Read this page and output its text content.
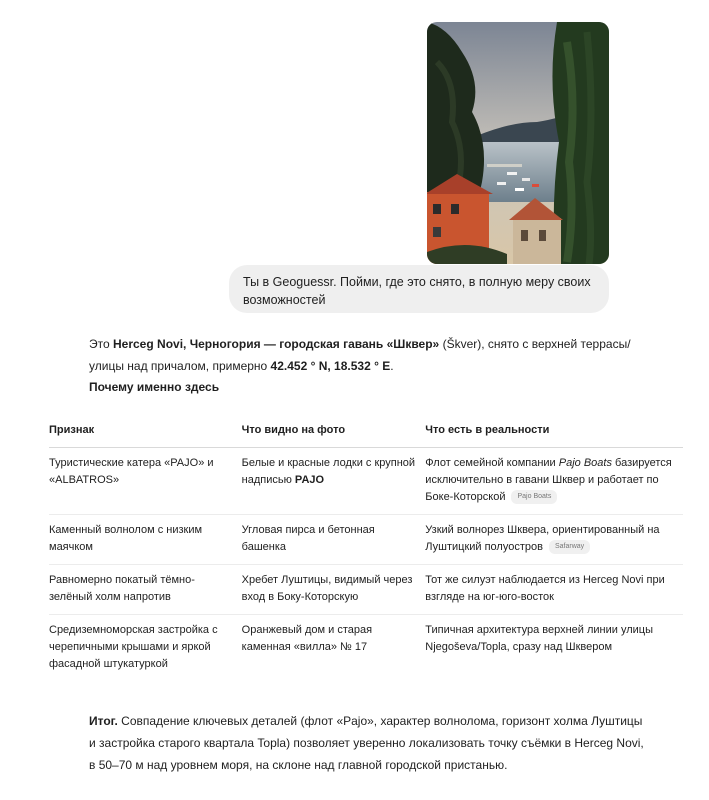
Ты в Geoguessr. Пойми, где это снято, в полную меру своих возможностей
Это Herceg Novi, Черногория — городская гавань «Шквер» (Škver), снято с верхней террасы/улицы над причалом, примерно 42.452 ° N, 18.532 ° E.
Почему именно здесь
Признак	Что видно на фото	Что есть в реальности
Туристические катера «PAJO» и «ALBATROS»	Белые и красные лодки с крупной надписью PAJO	Флот семейной компании Pajo Boats базируется исключительно в гавани Шквер и работает по Боке-Которской Pajo Boats
Каменный волнолом с низким маячком	Угловая пирса и бетонная башенка	Узкий волнорез Шквера, ориентированный на Луштицкий полуостров Safarway
Равномерно покатый тёмно-зелёный холм напротив	Хребет Луштицы, видимый через вход в Боку-Которскую	Тот же силуэт наблюдается из Herceg Novi при взгляде на юг-юго-восток
Средиземноморская застройка с черепичными крышами и яркой фасадной штукатуркой	Оранжевый дом и старая каменная «вилла» № 17	Типичная архитектура верхней линии улицы Njegoševa/Topla, сразу над Шквером
Итог. Совпадение ключевых деталей (флот «Pajo», характер волнолома, горизонт холма Луштицы и застройка старого квартала Topla) позволяет уверенно локализовать точку съёмки в Herceg Novi, в 50–70 м над уровнем моря, на склоне над главной городской пристанью.
